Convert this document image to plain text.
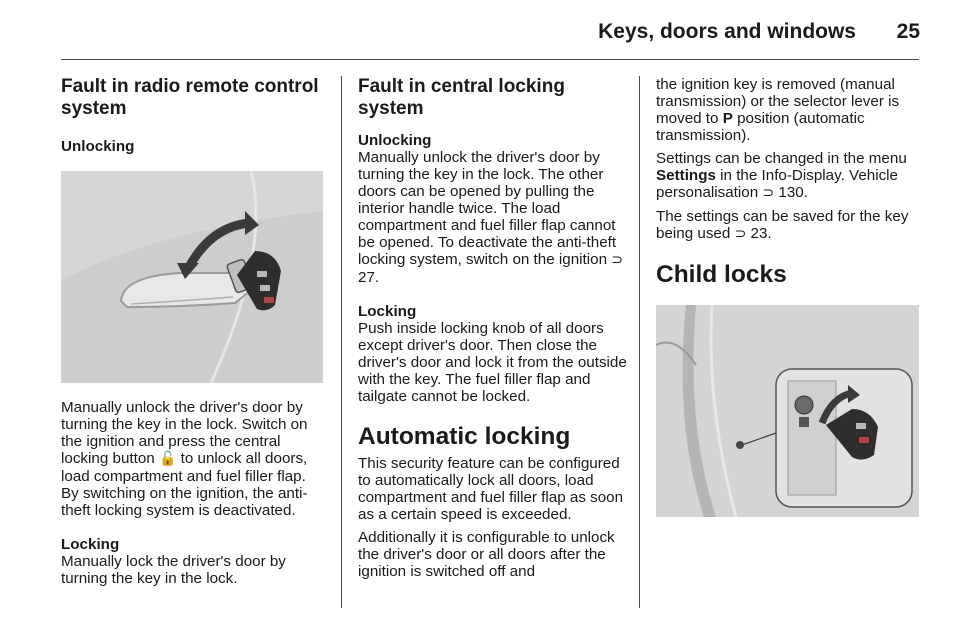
Keys, doors and windows	25
Fault in radio remote control system
Unlocking

Manually unlock the driver's door by turning the key in the lock. Switch on the ignition and press the central locking button 🔓 to unlock all doors, load compartment and fuel filler flap. By switching on the ignition, the anti-theft locking system is deactivated.

Locking

Manually lock the driver's door by turning the key in the lock.

Fault in central locking system
Unlocking

Manually unlock the driver's door by turning the key in the lock. The other doors can be opened by pulling the interior handle twice. The load compartment and fuel filler flap cannot be opened. To deactivate the anti-theft locking system, switch on the ignition ⊃ 27.

Locking

Push inside locking knob of all doors except driver's door. Then close the driver's door and lock it from the outside with the key. The fuel filler flap and tailgate cannot be locked.

Automatic locking

This security feature can be configured to automatically lock all doors, load compartment and fuel filler flap as soon as a certain speed is exceeded.

Additionally it is configurable to unlock the driver's door or all doors after the ignition is switched off and

the ignition key is removed (manual transmission) or the selector lever is moved to P position (automatic transmission).

Settings can be changed in the menu Settings in the Info-Display. Vehicle personalisation ⊃ 130.

The settings can be saved for the key being used ⊃ 23.

Child locks
